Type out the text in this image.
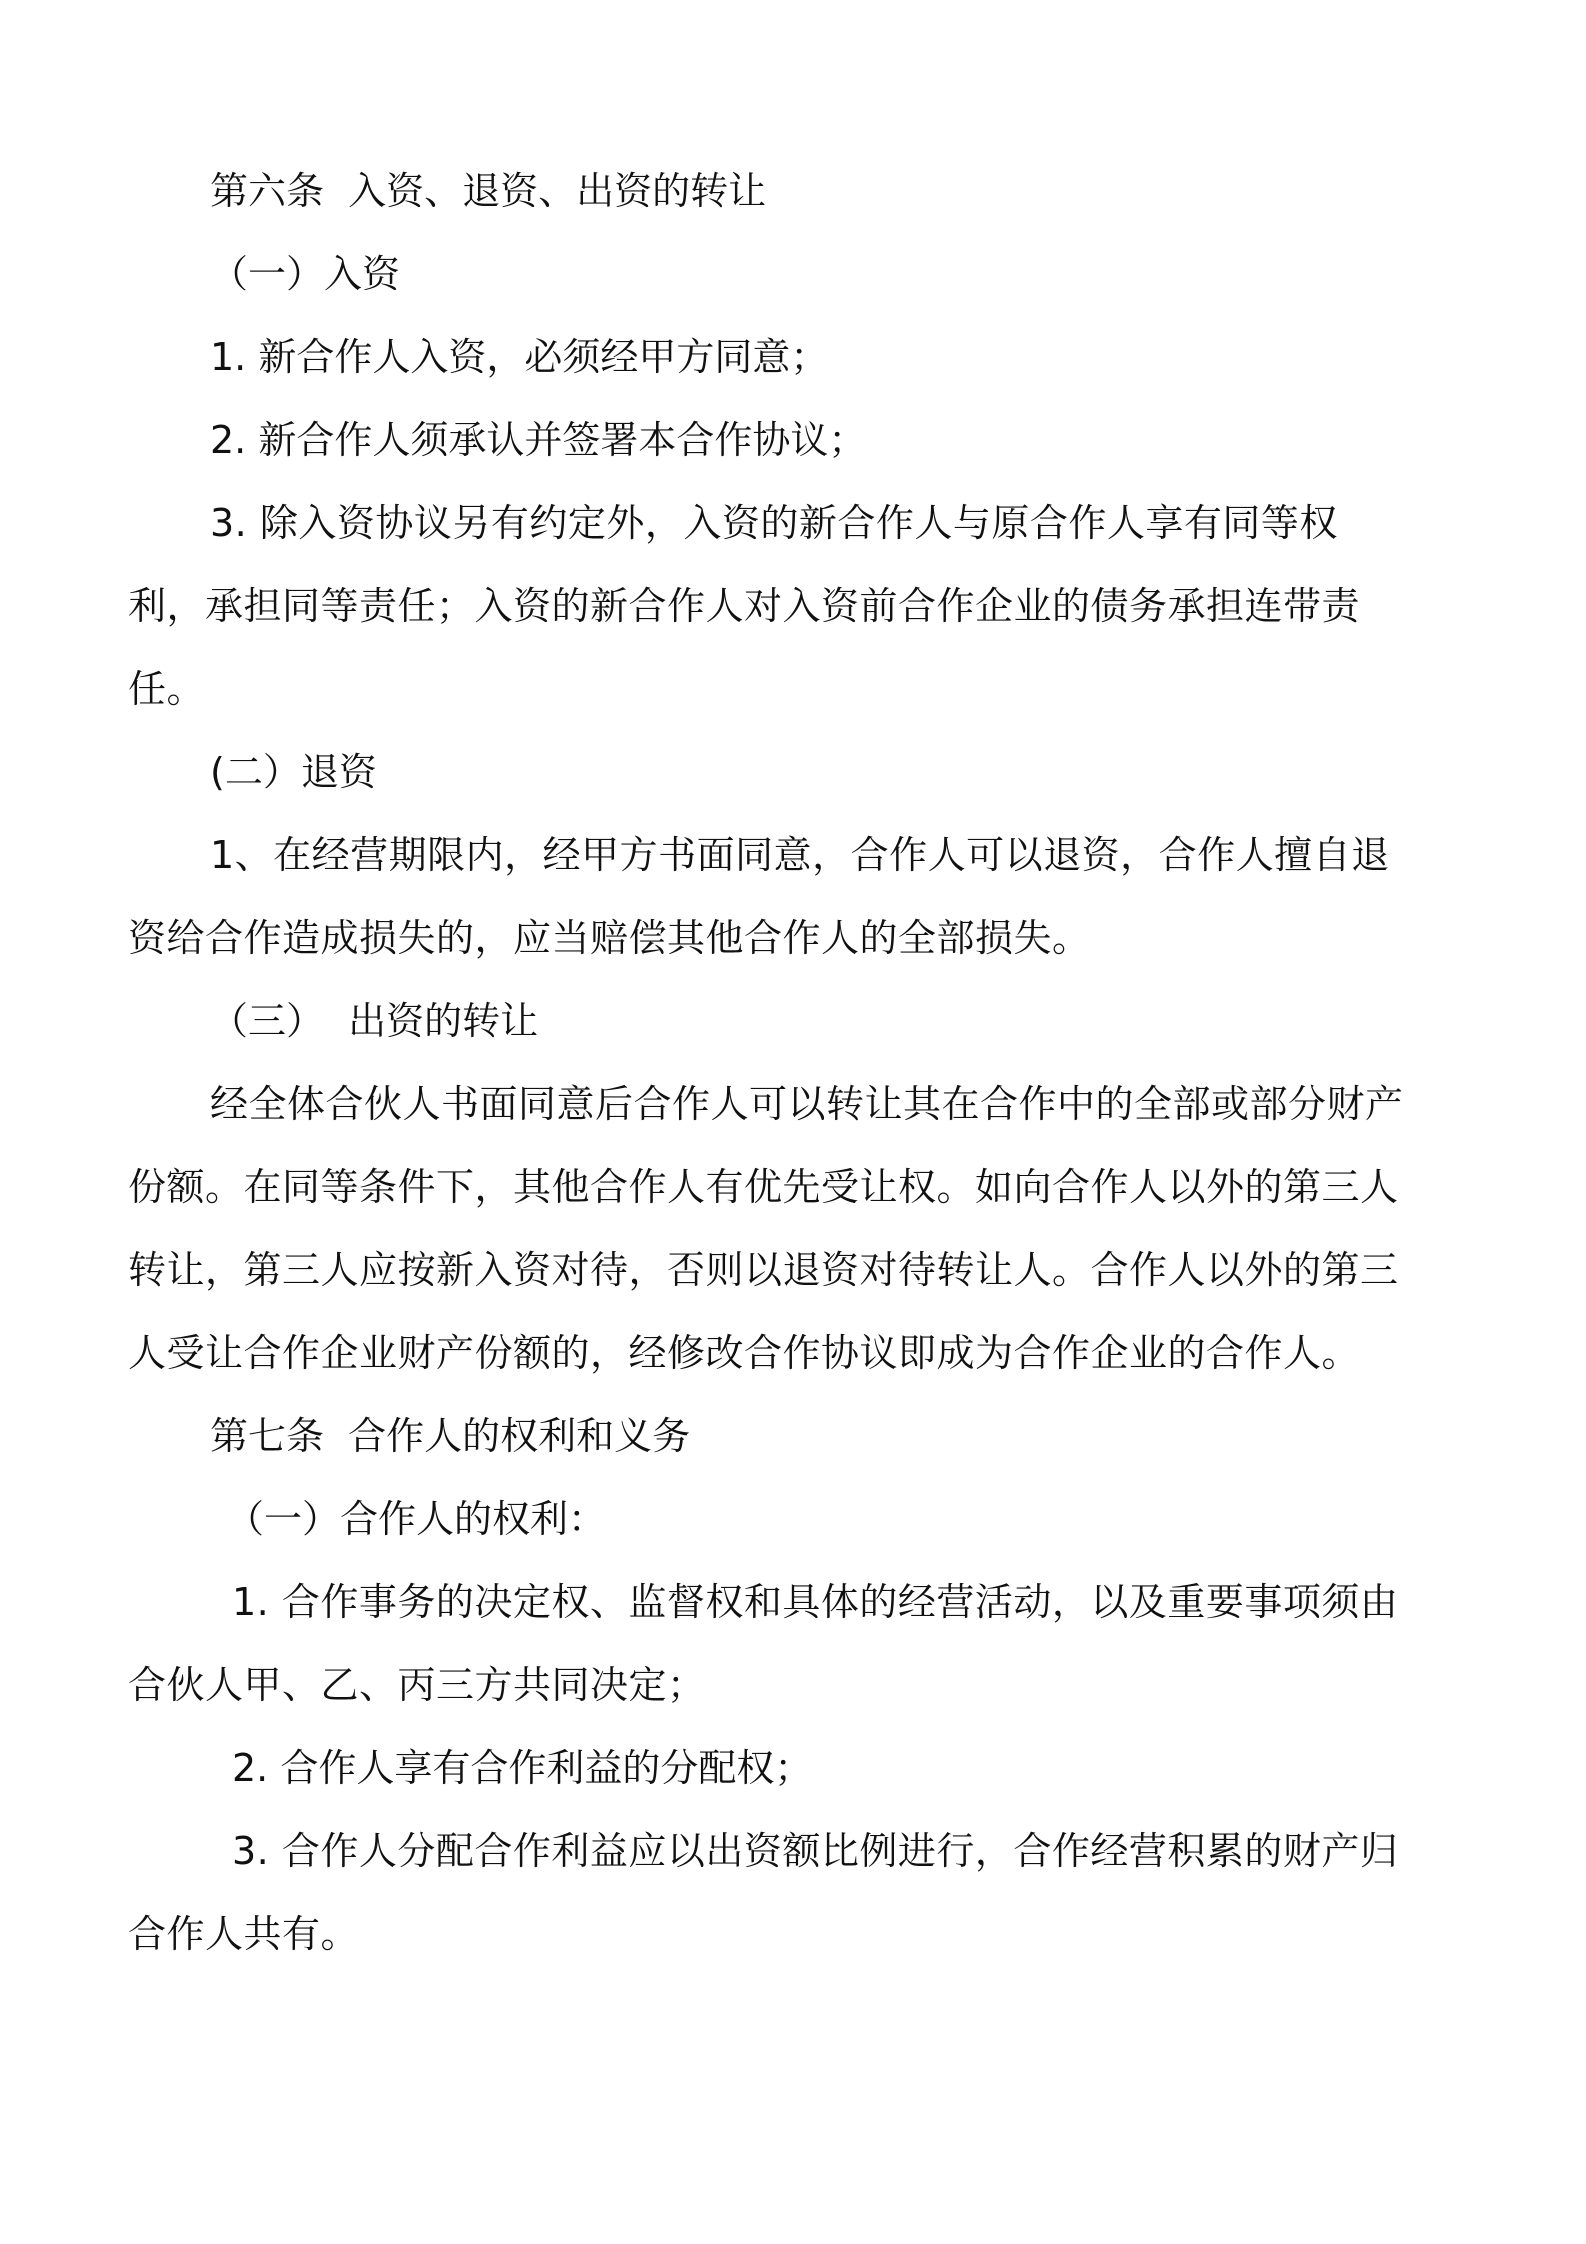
第六条  入资、退资、出资的转让

（一）入资

1. 新合作人入资，必须经甲方同意；

2. 新合作人须承认并签署本合作协议；

3. 除入资协议另有约定外，入资的新合作人与原合作人享有同等权利，承担同等责任；入资的新合作人对入资前合作企业的债务承担连带责任。

(二）退资

1、在经营期限内，经甲方书面同意，合作人可以退资，合作人擅自退资给合作造成损失的，应当赔偿其他合作人的全部损失。

（三）  出资的转让

经全体合伙人书面同意后合作人可以转让其在合作中的全部或部分财产份额。在同等条件下，其他合作人有优先受让权。如向合作人以外的第三人转让，第三人应按新入资对待，否则以退资对待转让人。合作人以外的第三人受让合作企业财产份额的，经修改合作协议即成为合作企业的合作人。

第七条  合作人的权利和义务

（一）合作人的权利：

1. 合作事务的决定权、监督权和具体的经营活动，以及重要事项须由合伙人甲、乙、丙三方共同决定；

2. 合作人享有合作利益的分配权；

3. 合作人分配合作利益应以出资额比例进行，合作经营积累的财产归合作人共有。
